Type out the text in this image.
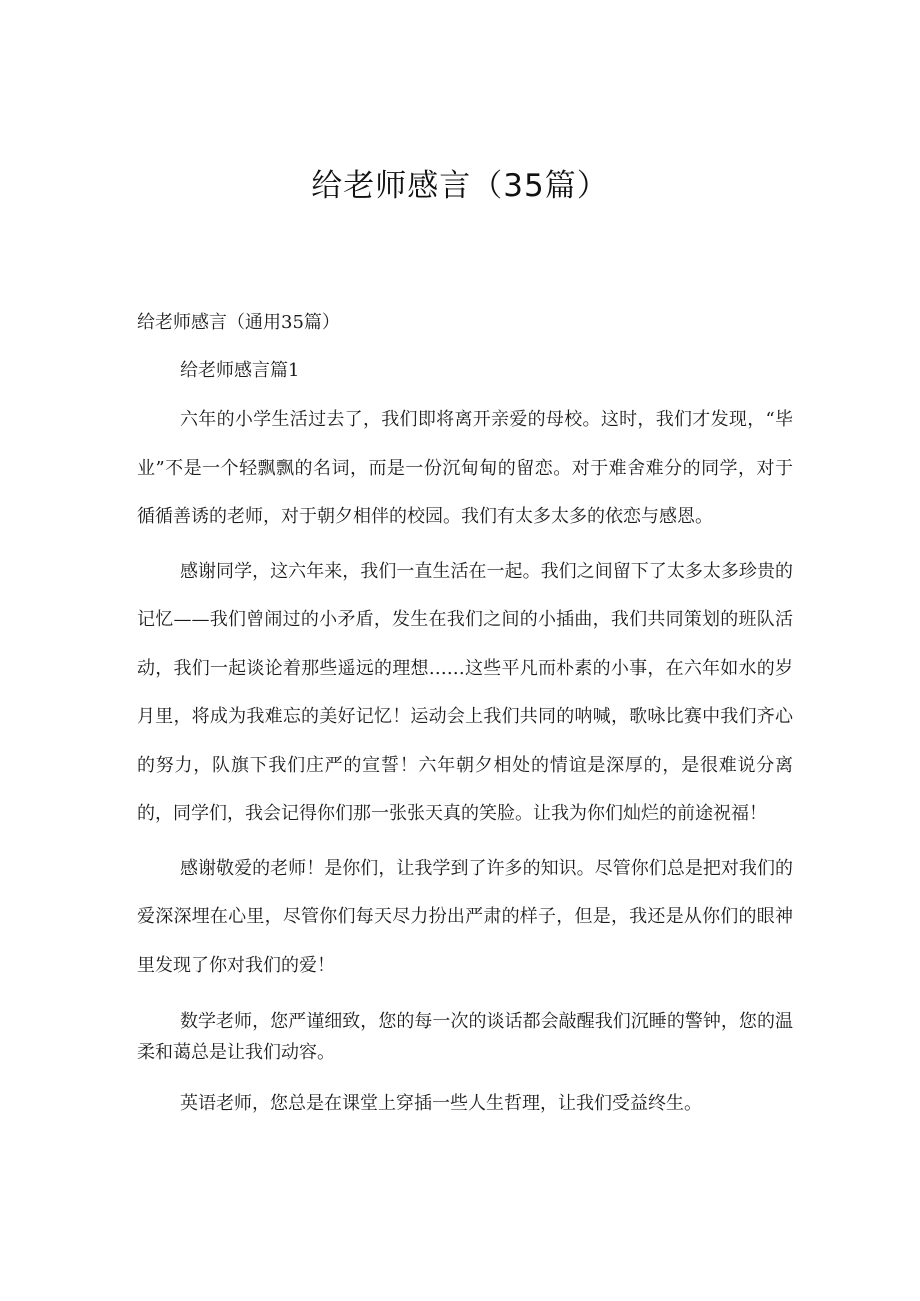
给老师感言（35篇）

给老师感言（通用35篇）

给老师感言篇1

六年的小学生活过去了，我们即将离开亲爱的母校。这时，我们才发现，“毕业”不是一个轻飘飘的名词，而是一份沉甸甸的留恋。对于难舍难分的同学，对于循循善诱的老师，对于朝夕相伴的校园。我们有太多太多的依恋与感恩。

感谢同学，这六年来，我们一直生活在一起。我们之间留下了太多太多珍贵的记忆——我们曾闹过的小矛盾，发生在我们之间的小插曲，我们共同策划的班队活动，我们一起谈论着那些遥远的理想……这些平凡而朴素的小事，在六年如水的岁月里，将成为我难忘的美好记忆！运动会上我们共同的呐喊，歌咏比赛中我们齐心的努力，队旗下我们庄严的宣誓！六年朝夕相处的情谊是深厚的，是很难说分离的，同学们，我会记得你们那一张张天真的笑脸。让我为你们灿烂的前途祝福！

感谢敬爱的老师！是你们，让我学到了许多的知识。尽管你们总是把对我们的爱深深埋在心里，尽管你们每天尽力扮出严肃的样子，但是，我还是从你们的眼神里发现了你对我们的爱！

数学老师，您严谨细致，您的每一次的谈话都会敲醒我们沉睡的警钟，您的温柔和蔼总是让我们动容。

英语老师，您总是在课堂上穿插一些人生哲理，让我们受益终生。
